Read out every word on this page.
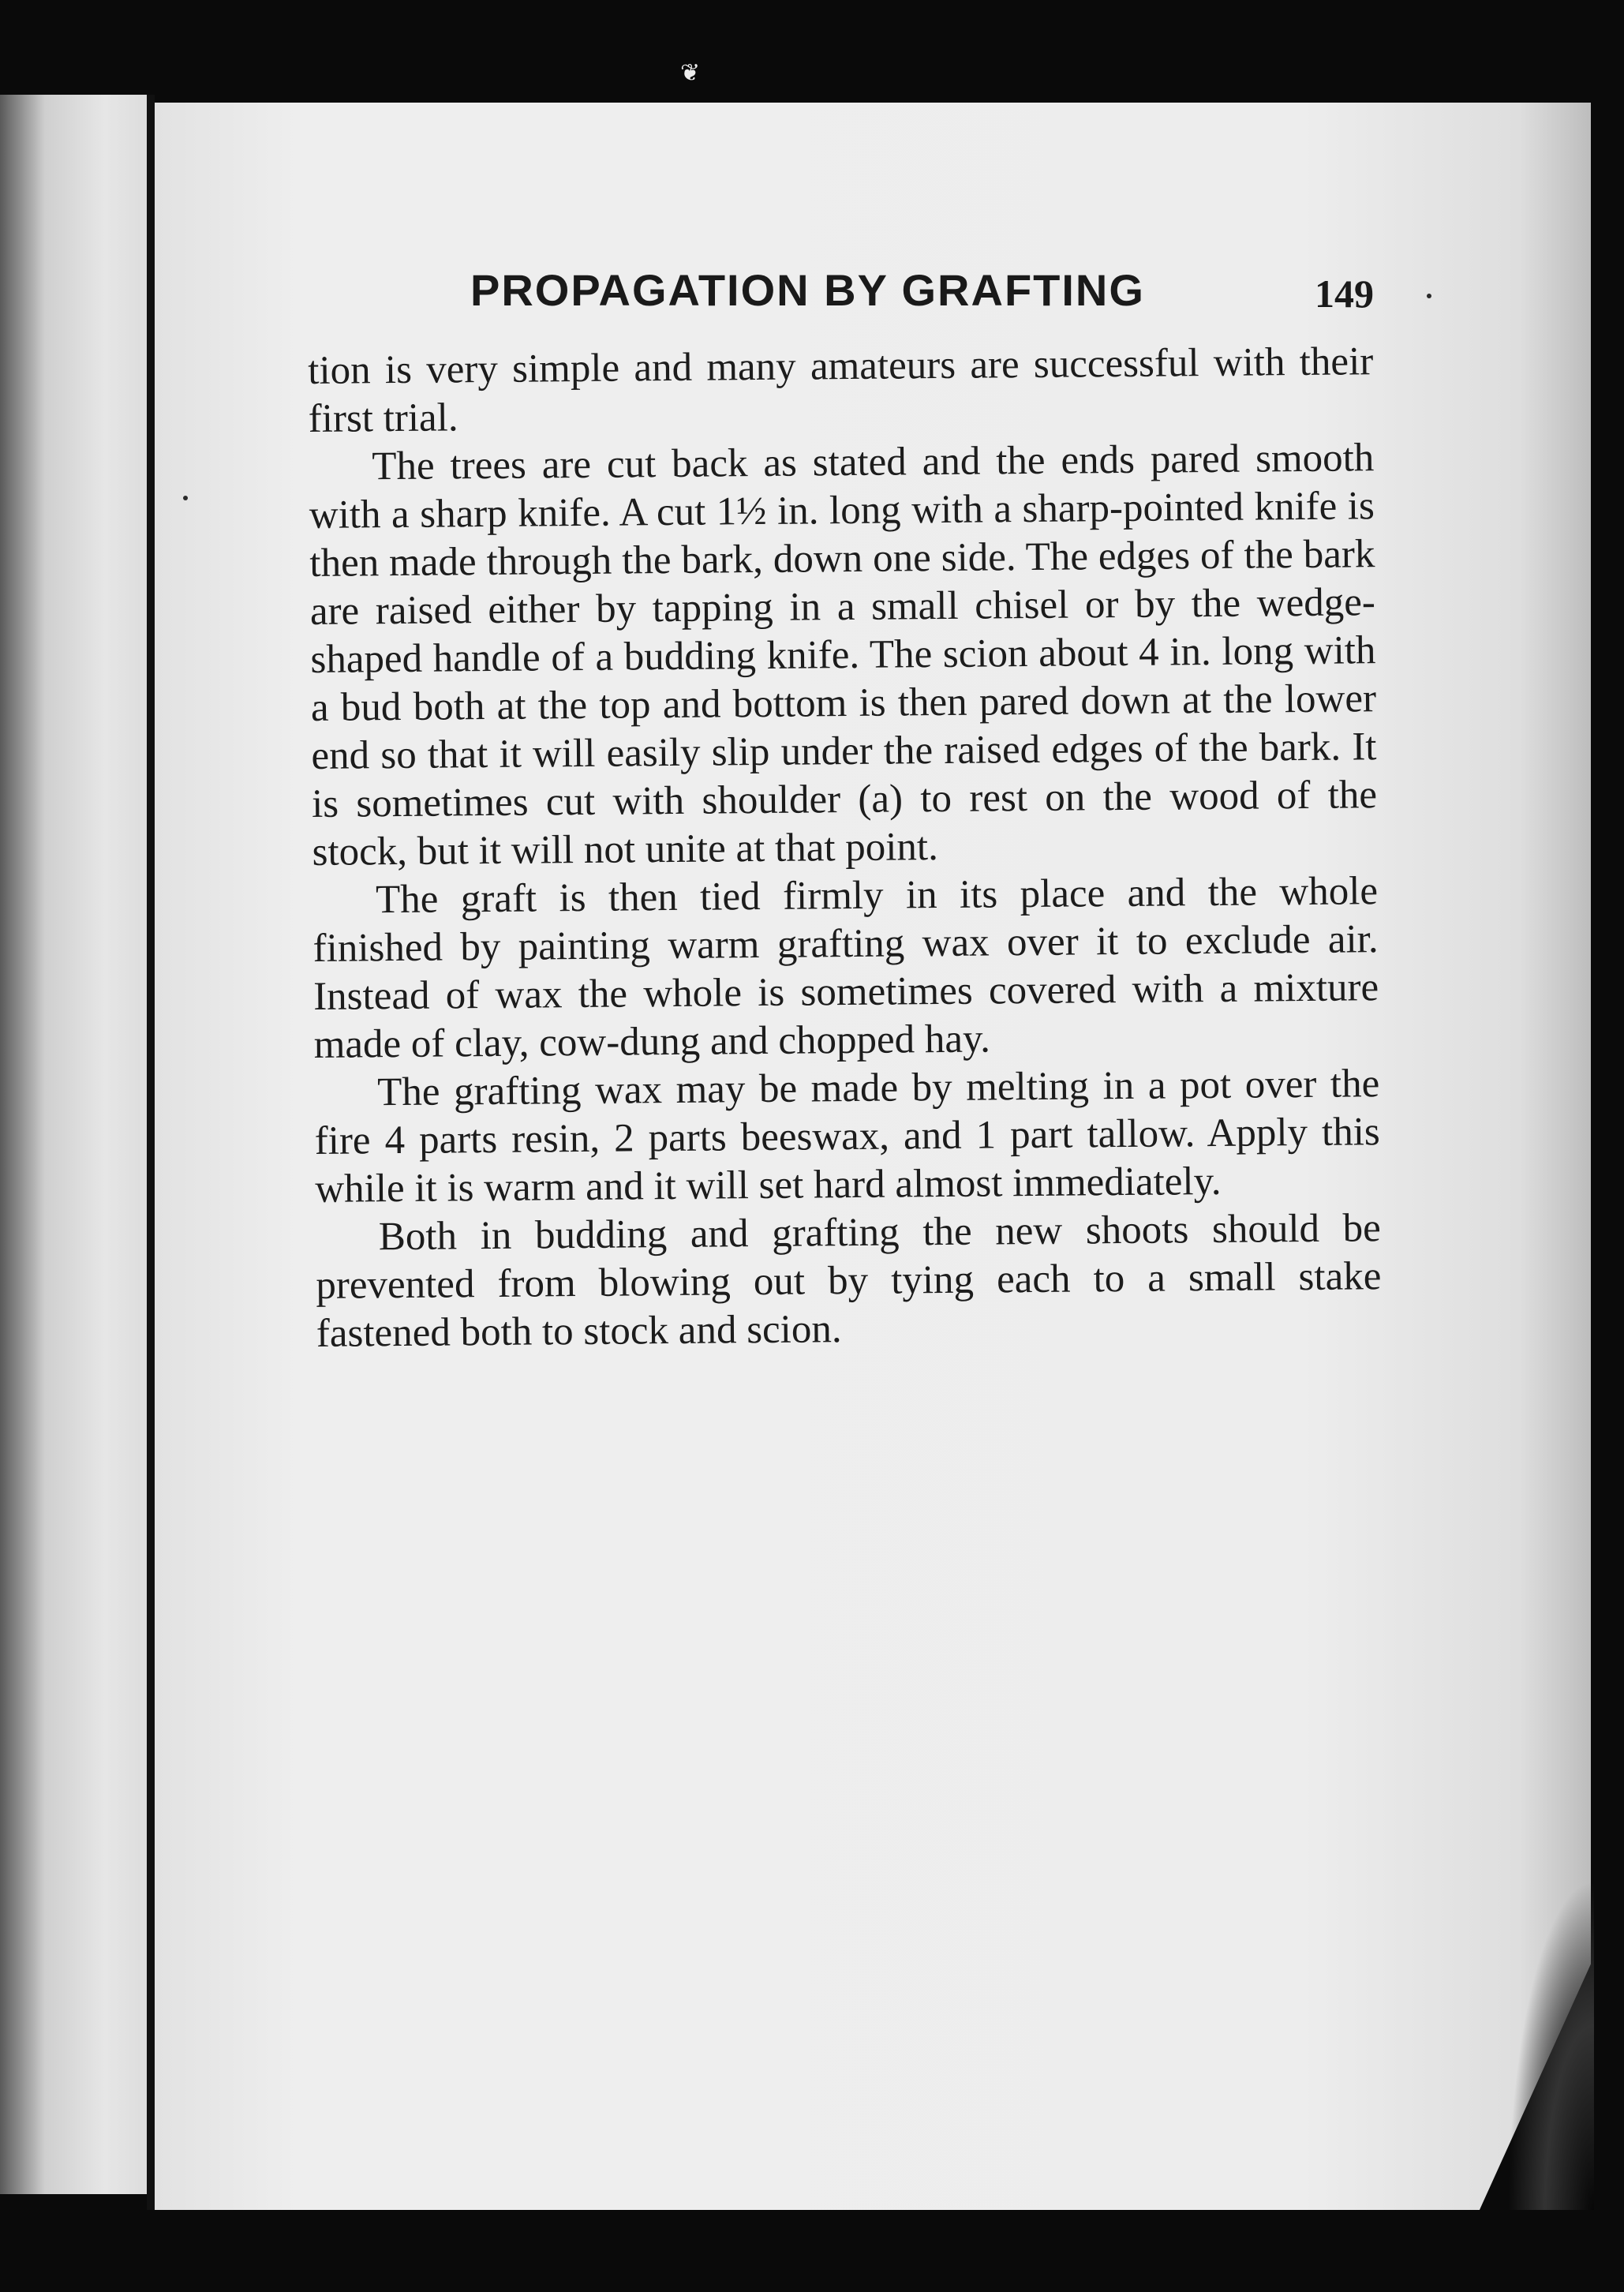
❦
PROPAGATION BY GRAFTING	149

tion is very simple and many amateurs are successful with their first trial.

The trees are cut back as stated and the ends pared smooth with a sharp knife. A cut 1½ in. long with a sharp-pointed knife is then made through the bark, down one side. The edges of the bark are raised either by tapping in a small chisel or by the wedge-shaped handle of a budding knife. The scion about 4 in. long with a bud both at the top and bottom is then pared down at the lower end so that it will easily slip under the raised edges of the bark. It is sometimes cut with shoulder (a) to rest on the wood of the stock, but it will not unite at that point.

The graft is then tied firmly in its place and the whole finished by painting warm grafting wax over it to exclude air. Instead of wax the whole is sometimes covered with a mixture made of clay, cow-dung and chopped hay.

The grafting wax may be made by melting in a pot over the fire 4 parts resin, 2 parts beeswax, and 1 part tallow. Apply this while it is warm and it will set hard almost immediately.

Both in budding and grafting the new shoots should be prevented from blowing out by tying each to a small stake fastened both to stock and scion.
